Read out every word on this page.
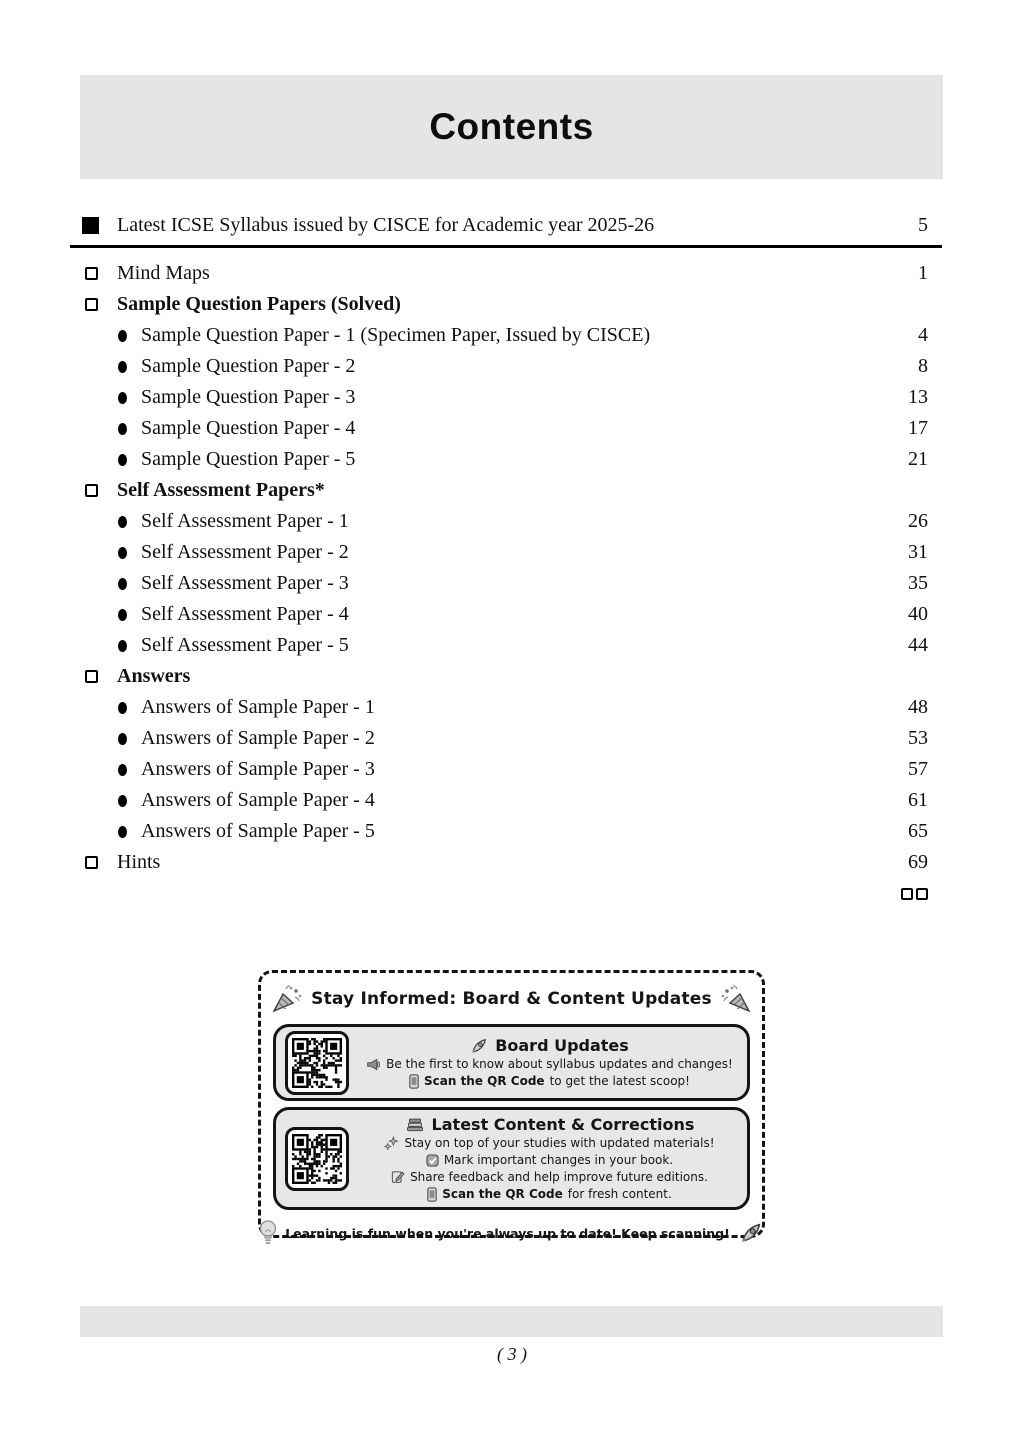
Contents
Latest ICSE Syllabus issued by CISCE for Academic year 2025-26	5
Mind Maps	1
Sample Question Papers (Solved)
Sample Question Paper - 1 (Specimen Paper, Issued by CISCE)	4
Sample Question Paper - 2	8
Sample Question Paper - 3	13
Sample Question Paper - 4	17
Sample Question Paper - 5	21
Self Assessment Papers*
Self Assessment Paper - 1	26
Self Assessment Paper - 2	31
Self Assessment Paper - 3	35
Self Assessment Paper - 4	40
Self Assessment Paper - 5	44
Answers
Answers of Sample Paper - 1	48
Answers of Sample Paper - 2	53
Answers of Sample Paper - 3	57
Answers of Sample Paper - 4	61
Answers of Sample Paper - 5	65
Hints	69
Stay Informed: Board & Content Updates
Board Updates
Be the first to know about syllabus updates and changes!
Scan the QR Code to get the latest scoop!
Latest Content & Corrections
Stay on top of your studies with updated materials!
Mark important changes in your book.
Share feedback and help improve future editions.
Scan the QR Code for fresh content.
Learning is fun when you're always up to date! Keep scanning!
( 3 )
